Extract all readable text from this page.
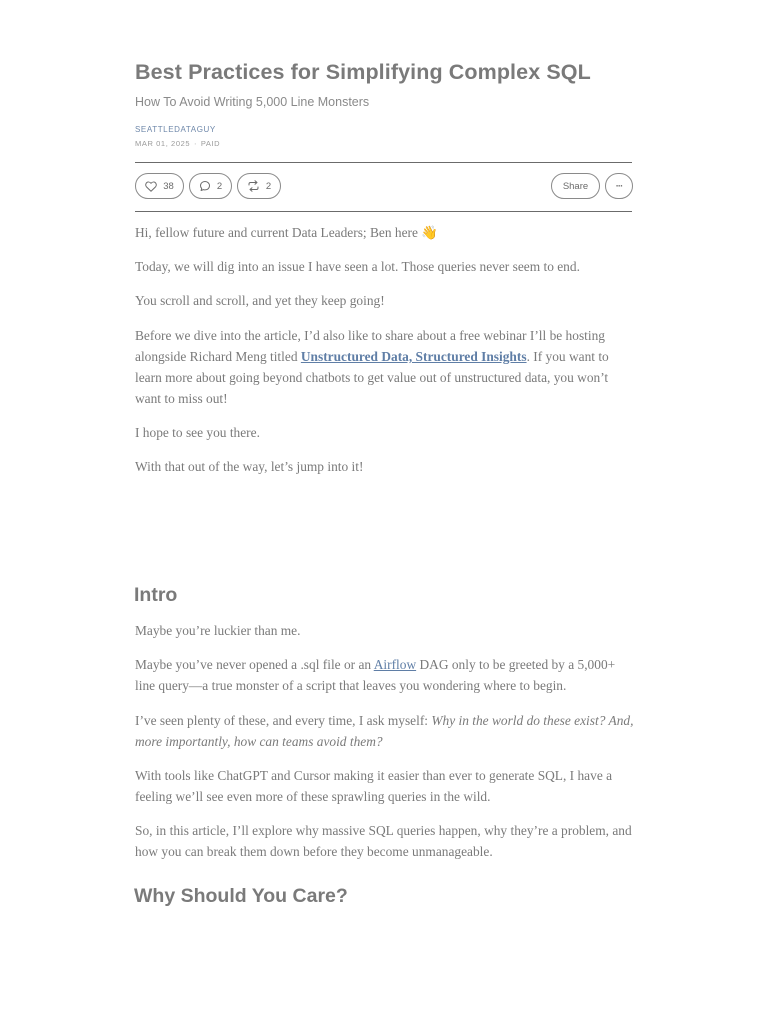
Best Practices for Simplifying Complex SQL

How To Avoid Writing 5,000 Line Monsters

SEATTLEDATAGUY
MAR 01, 2025 ∙ PAID
38	2	2	Share	···

Hi, fellow future and current Data Leaders; Ben here 👋

Today, we will dig into an issue I have seen a lot. Those queries never seem to end.

You scroll and scroll, and yet they keep going!

Before we dive into the article, I’d also like to share about a free webinar I’ll be hosting alongside Richard Meng titled Unstructured Data, Structured Insights. If you want to learn more about going beyond chatbots to get value out of unstructured data, you won’t want to miss out!

I hope to see you there.

With that out of the way, let’s jump into it!

Intro

Maybe you’re luckier than me.

Maybe you’ve never opened a .sql file or an Airflow DAG only to be greeted by a 5,000+ line query—a true monster of a script that leaves you wondering where to begin.

I’ve seen plenty of these, and every time, I ask myself: Why in the world do these exist? And, more importantly, how can teams avoid them?

With tools like ChatGPT and Cursor making it easier than ever to generate SQL, I have a feeling we’ll see even more of these sprawling queries in the wild.

So, in this article, I’ll explore why massive SQL queries happen, why they’re a problem, and how you can break them down before they become unmanageable.

Why Should You Care?
